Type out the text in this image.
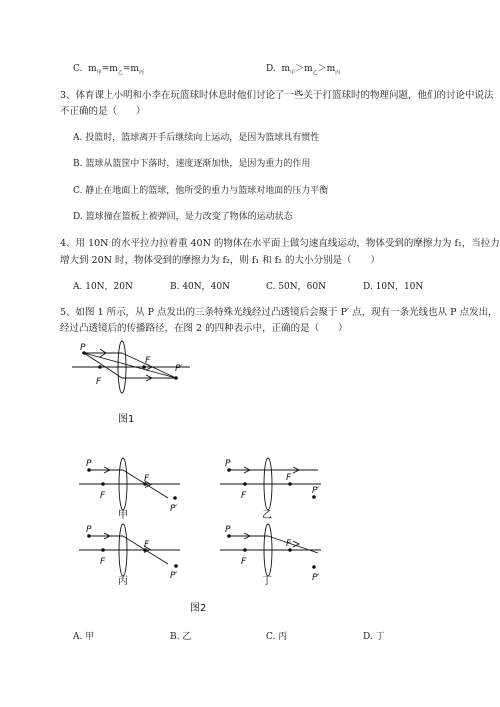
C. $m_甲=m_乙=m_丙$	D. $m_甲>m_乙>m_丙$
3、体育课上小明和小李在玩篮球时休息时他们讨论了一些关于打篮球时的物理问题，他们的讨论中说法
不正确的是（　　）
A. 投篮时，篮球离开手后继续向上运动，是因为篮球具有惯性
B. 篮球从篮筐中下落时，速度逐渐加快，是因为重力的作用
C. 静止在地面上的篮球，他所受的重力与篮球对地面的压力平衡
D. 篮球撞在篮板上被弹回，是力改变了物体的运动状态
4、用 10N 的水平拉力拉着重 40N 的物体在水平面上做匀速直线运动，物体受到的摩擦力为 f₁，当拉力
增大到 20N 时，物体受到的摩擦力为 f₂，则 f₁ 和 f₂ 的大小分别是（　　）
A. 10N，20N	B. 40N，40N	C. 50N，60N	D. 10N，10N
5、如图 1 所示，从 P 点发出的三条特殊光线经过凸透镜后会聚于 P′ 点，现有一条光线也从 P 点发出，
经过凸透镜后的传播路径，在图 2 的四种表示中，正确的是（　　）
P
F
F
P′
图1
P
F
F
P′
甲
P
F
F
P′
乙
P
F
F
P′
丙
P
F
F
P′
丁
图2
A. 甲	B. 乙	C. 丙	D. 丁
